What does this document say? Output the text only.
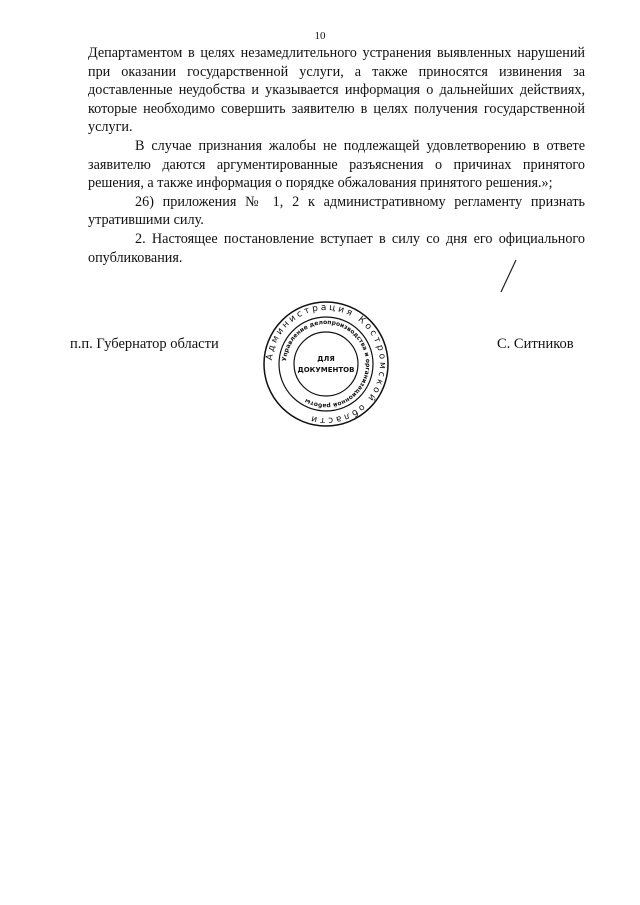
10

Департаментом в целях незамедлительного устранения выявленных нарушений при оказании государственной услуги, а также приносятся извинения за доставленные неудобства и указывается информация о дальнейших действиях, которые необходимо совершить заявителю в целях получения государственной услуги.

В случае признания жалобы не подлежащей удовлетворению в ответе заявителю даются аргументированные разъяснения о причинах принятого решения, а также информация о порядке обжалования принятого решения.»;

26) приложения № 1, 2 к административному регламенту признать утратившими силу.

2. Настоящее постановление вступает в силу со дня его официального опубликования.

п.п. Губернатор области	С. Ситников
Администрация Костромской области
Управление делопроизводства и организационной работы
ДЛЯ
ДОКУМЕНТОВ
